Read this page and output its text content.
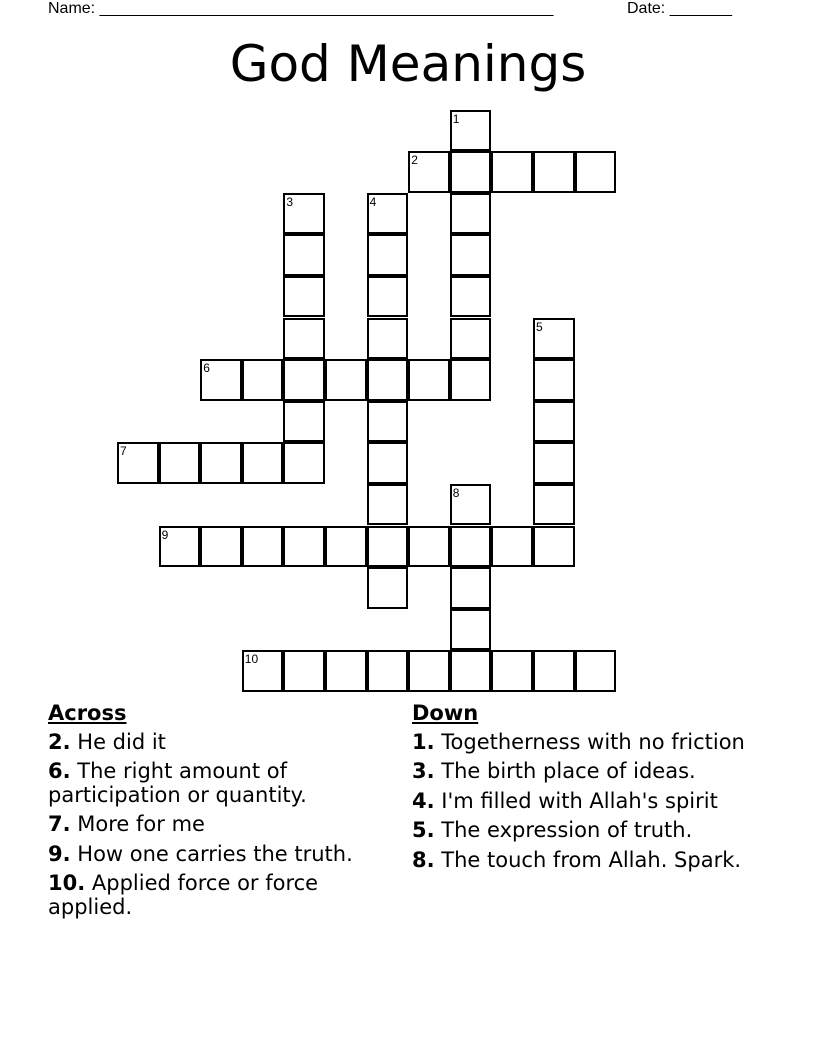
Name: ___________________________________________________	Date: _______
God Meanings
1
2
3	4
5
6
7
8
9
10
Across
2. He did it
6. The right amount of participation or quantity.
7. More for me
9. How one carries the truth.
10. Applied force or force applied.
Down
1. Togetherness with no friction
3. The birth place of ideas.
4. I'm filled with Allah's spirit
5. The expression of truth.
8. The touch from Allah. Spark.
